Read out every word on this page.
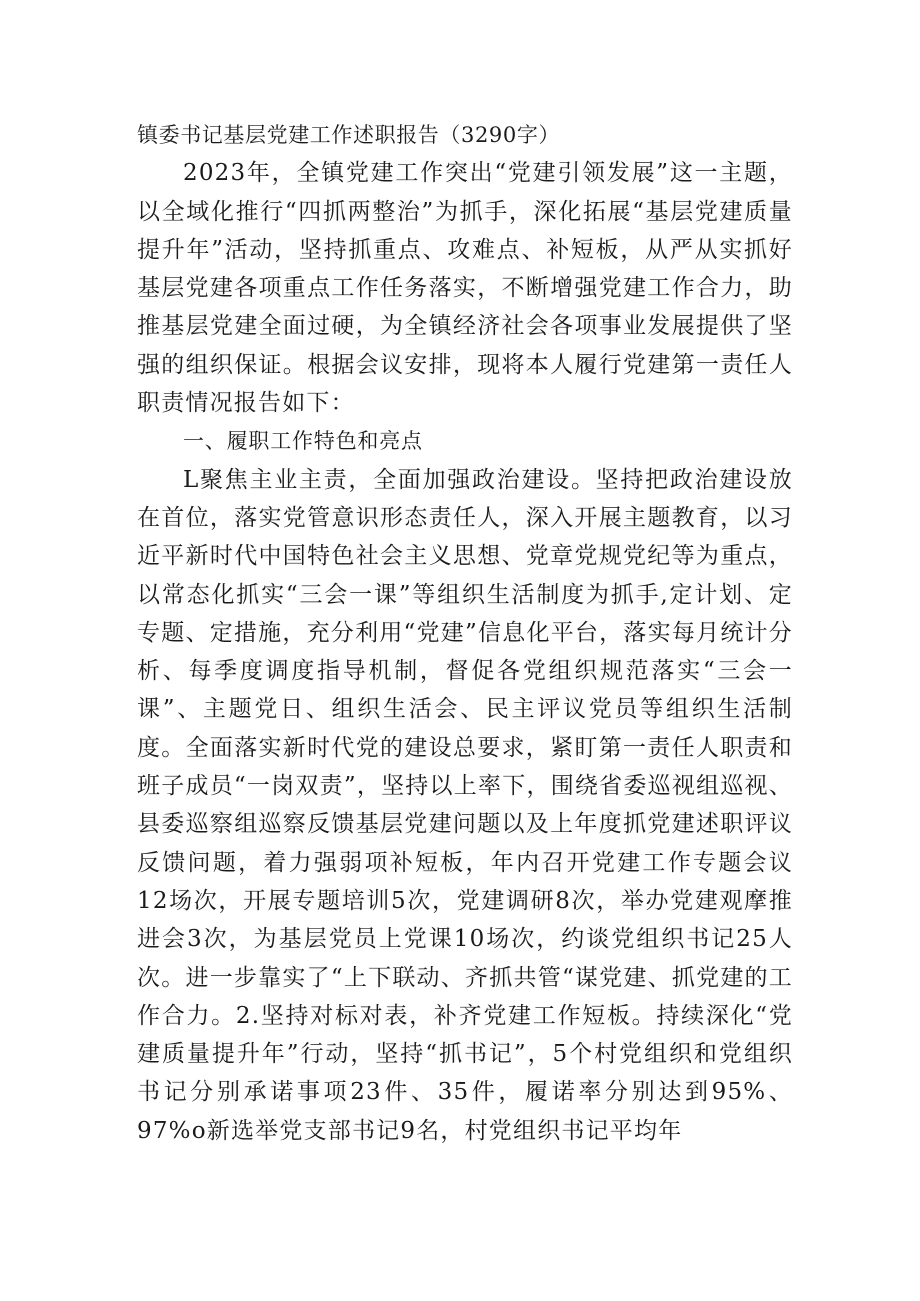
镇委书记基层党建工作述职报告（3290字）

2023年，全镇党建工作突出“党建引领发展”这一主题，以全域化推行“四抓两整治”为抓手，深化拓展“基层党建质量提升年”活动，坚持抓重点、攻难点、补短板，从严从实抓好基层党建各项重点工作任务落实，不断增强党建工作合力，助推基层党建全面过硬，为全镇经济社会各项事业发展提供了坚强的组织保证。根据会议安排，现将本人履行党建第一责任人职责情况报告如下：

一、履职工作特色和亮点

L聚焦主业主责，全面加强政治建设。坚持把政治建设放在首位，落实党管意识形态责任人，深入开展主题教育，以习近平新时代中国特色社会主义思想、党章党规党纪等为重点，以常态化抓实“三会一课”等组织生活制度为抓手,定计划、定专题、定措施，充分利用“党建”信息化平台，落实每月统计分析、每季度调度指导机制，督促各党组织规范落实“三会一课”、主题党日、组织生活会、民主评议党员等组织生活制度。全面落实新时代党的建设总要求，紧盯第一责任人职责和班子成员“一岗双责”，坚持以上率下，围绕省委巡视组巡视、县委巡察组巡察反馈基层党建问题以及上年度抓党建述职评议反馈问题，着力强弱项补短板，年内召开党建工作专题会议12场次，开展专题培训5次，党建调研8次，举办党建观摩推进会3次，为基层党员上党课10场次，约谈党组织书记25人次。进一步靠实了“上下联动、齐抓共管“谋党建、抓党建的工作合力。2.坚持对标对表，补齐党建工作短板。持续深化“党建质量提升年”行动，坚持“抓书记”，5个村党组织和党组织书记分别承诺事项23件、35件，履诺率分别达到95%、97%o新选举党支部书记9名，村党组织书记平均年
